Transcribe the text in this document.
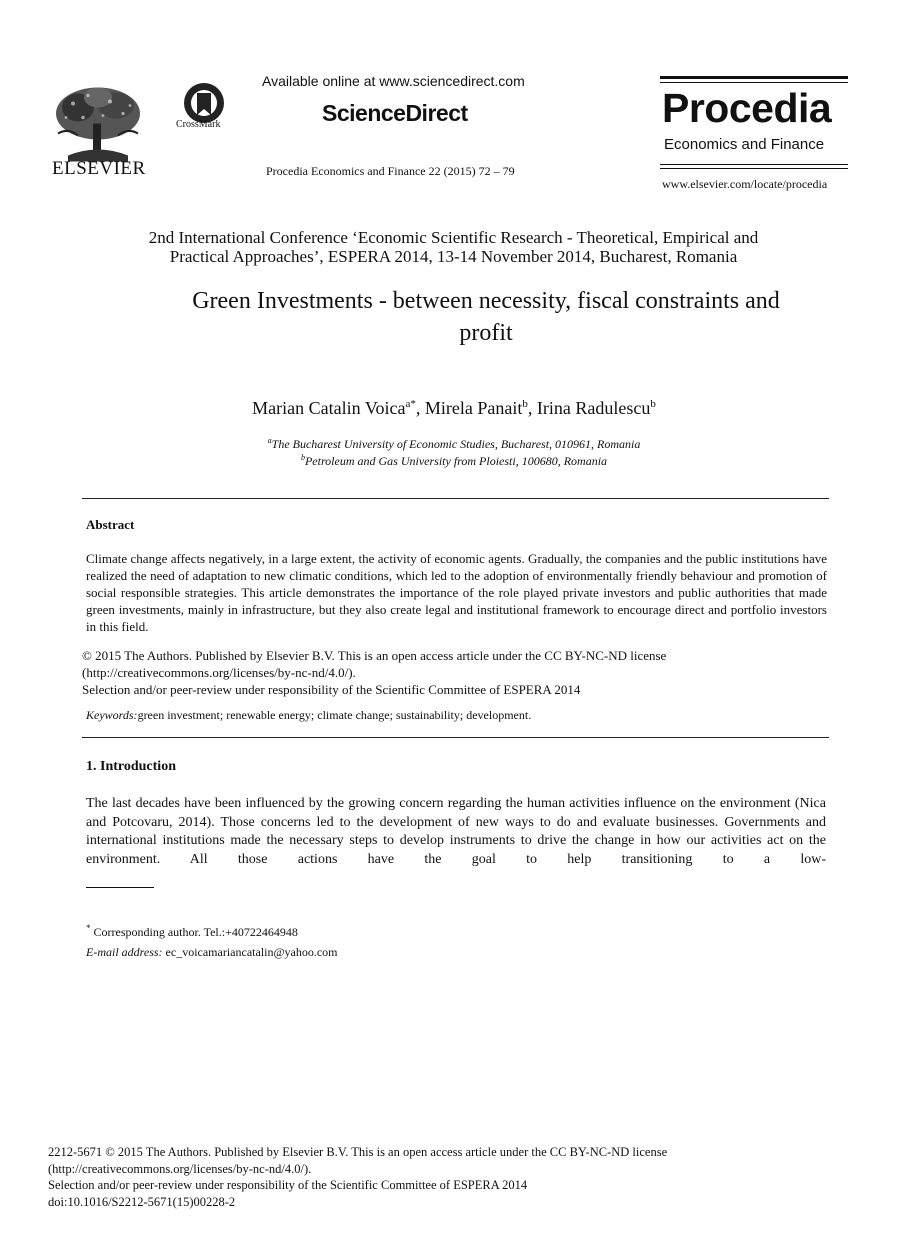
ELSEVIER
CrossMark
Available online at www.sciencedirect.com
ScienceDirect
Procedia Economics and Finance 22 (2015) 72 – 79
Procedia
Economics and Finance
www.elsevier.com/locate/procedia
2nd International Conference ‘Economic Scientific Research - Theoretical, Empirical and
Practical Approaches’, ESPERA 2014, 13-14 November 2014, Bucharest, Romania
Green Investments - between necessity, fiscal constraints and
profit
Marian Catalin Voica$^{a*}$, Mirela Panait$^b$, Irina Radulescu$^b$
$^a$The Bucharest University of Economic Studies, Bucharest, 010961, Romania
$^b$Petroleum and Gas University from Ploiesti, 100680, Romania
Abstract
Climate change affects negatively, in a large extent, the activity of economic agents. Gradually, the companies and the public institutions have realized the need of adaptation to new climatic conditions, which led to the adoption of environmentally friendly behaviour and promotion of social responsible strategies. This article demonstrates the importance of the role played private investors and public authorities that made green investments, mainly in infrastructure, but they also create legal and institutional framework to encourage direct and portfolio investors in this field.
© 2015 The Authors. Published by Elsevier B.V. This is an open access article under the CC BY-NC-ND license
(http://creativecommons.org/licenses/by-nc-nd/4.0/).
Selection and/or peer-review under responsibility of the Scientific Committee of ESPERA 2014
Keywords:green investment; renewable energy; climate change; sustainability; development.
1. Introduction
The last decades have been influenced by the growing concern regarding the human activities influence on the environment (Nica and Potcovaru, 2014). Those concerns led to the development of new ways to do and evaluate businesses. Governments and international institutions made the necessary steps to develop instruments to drive the change in how our activities act on the environment. All those actions have the goal to help transitioning to a low-
* Corresponding author. Tel.:+40722464948
E-mail address: ec_voicamariancatalin@yahoo.com
2212-5671 © 2015 The Authors. Published by Elsevier B.V. This is an open access article under the CC BY-NC-ND license
(http://creativecommons.org/licenses/by-nc-nd/4.0/).
Selection and/or peer-review under responsibility of the Scientific Committee of ESPERA 2014
doi:10.1016/S2212-5671(15)00228-2
